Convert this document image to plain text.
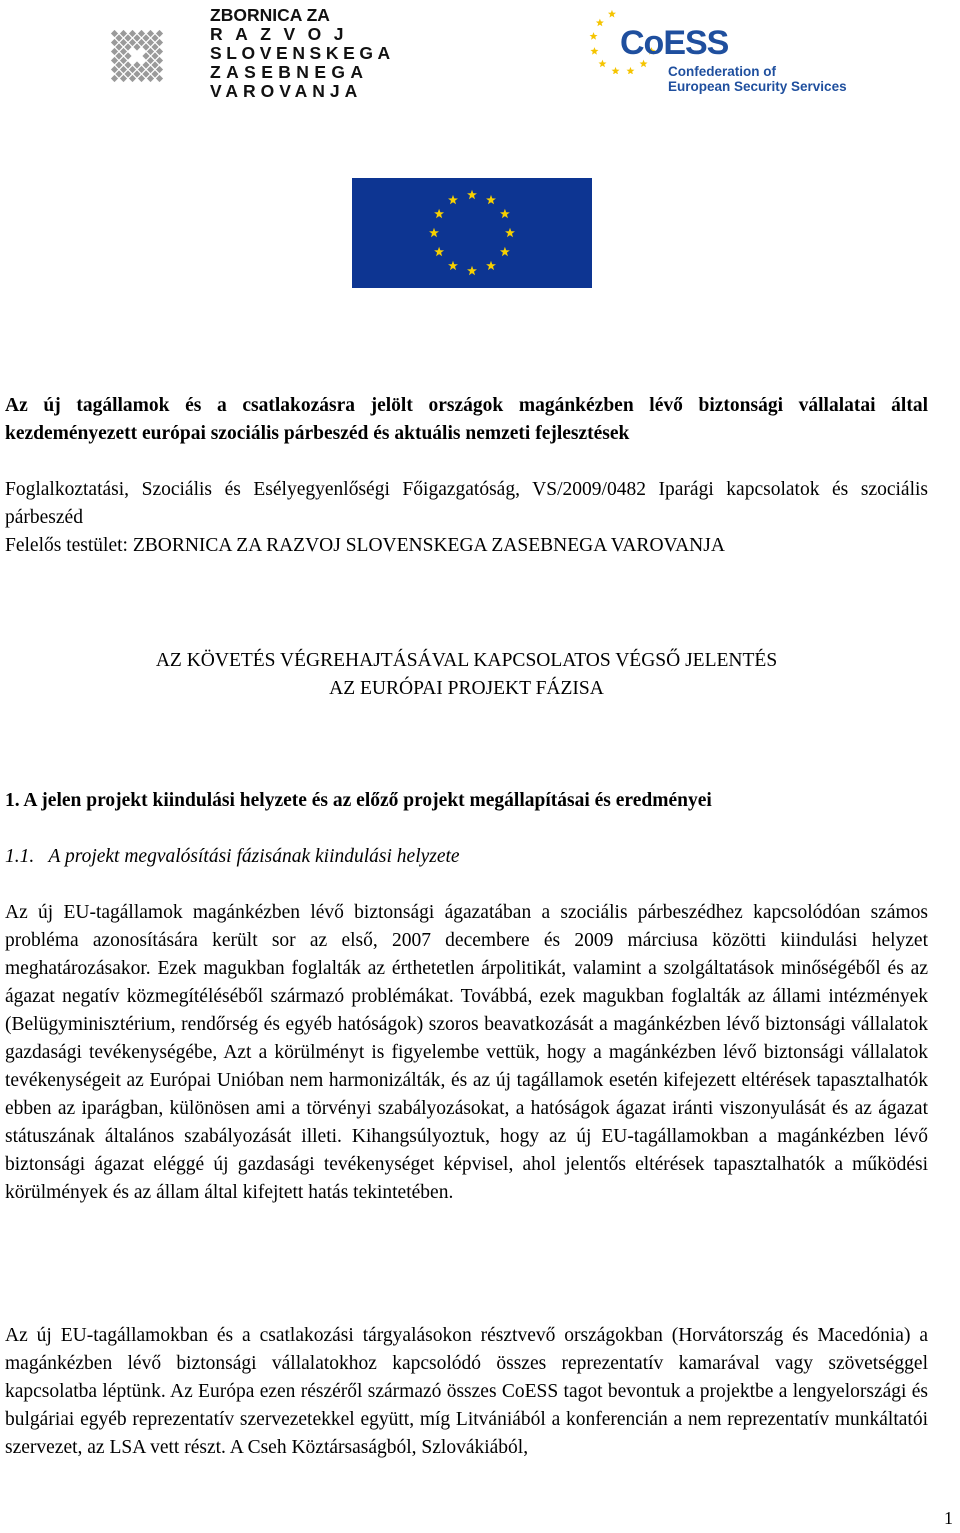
ZBORNICA ZA
RAZVOJ
SLOVENSKEGA
ZASEBNEGA
VAROVANJA
CoESS
Confederation of
European Security Services
Az új tagállamok és a csatlakozásra jelölt országok magánkézben lévő biztonsági vállalatai által kezdeményezett európai szociális párbeszéd és aktuális nemzeti fejlesztések
Foglalkoztatási, Szociális és Esélyegyenlőségi Főigazgatóság, VS/2009/0482 Iparági kapcsolatok és szociális párbeszéd
Felelős testület: ZBORNICA ZA RAZVOJ SLOVENSKEGA ZASEBNEGA VAROVANJA
AZ KÖVETÉS VÉGREHAJTÁSÁVAL KAPCSOLATOS VÉGSŐ JELENTÉS
AZ EURÓPAI PROJEKT FÁZISA
1. A jelen projekt kiindulási helyzete és az előző projekt megállapításai és eredményei
1.1.   A projekt megvalósítási fázisának kiindulási helyzete
Az új EU-tagállamok magánkézben lévő biztonsági ágazatában a szociális párbeszédhez kapcsolódóan számos probléma azonosítására került sor az első, 2007 decembere és 2009 márciusa közötti kiindulási helyzet meghatározásakor. Ezek magukban foglalták az érthetetlen árpolitikát, valamint a szolgáltatások minőségéből és az ágazat negatív közmegítéléséből származó problémákat. Továbbá, ezek magukban foglalták az állami intézmények (Belügyminisztérium, rendőrség és egyéb hatóságok) szoros beavatkozását a magánkézben lévő biztonsági vállalatok gazdasági tevékenységébe, Azt a körülményt is figyelembe vettük, hogy a magánkézben lévő biztonsági vállalatok tevékenységeit az Európai Unióban nem harmonizálták, és az új tagállamok esetén kifejezett eltérések tapasztalhatók ebben az iparágban, különösen ami a törvényi szabályozásokat, a hatóságok ágazat iránti viszonyulását és az ágazat státuszának általános szabályozását illeti. Kihangsúlyoztuk, hogy az új EU-tagállamokban a magánkézben lévő biztonsági ágazat eléggé új gazdasági tevékenységet képvisel, ahol jelentős eltérések tapasztalhatók a működési körülmények és az állam által kifejtett hatás tekintetében.
Az új EU-tagállamokban és a csatlakozási tárgyalásokon résztvevő országokban (Horvátország és Macedónia) a magánkézben lévő biztonsági vállalatokhoz kapcsolódó összes reprezentatív kamarával vagy szövetséggel kapcsolatba léptünk. Az Európa ezen részéről származó összes CoESS tagot bevontuk a projektbe a lengyelországi és bulgáriai egyéb reprezentatív szervezetekkel együtt, míg Litvániából a konferencián a nem reprezentatív munkáltatói szervezet, az LSA vett részt. A Cseh Köztársaságból, Szlovákiából,
1
